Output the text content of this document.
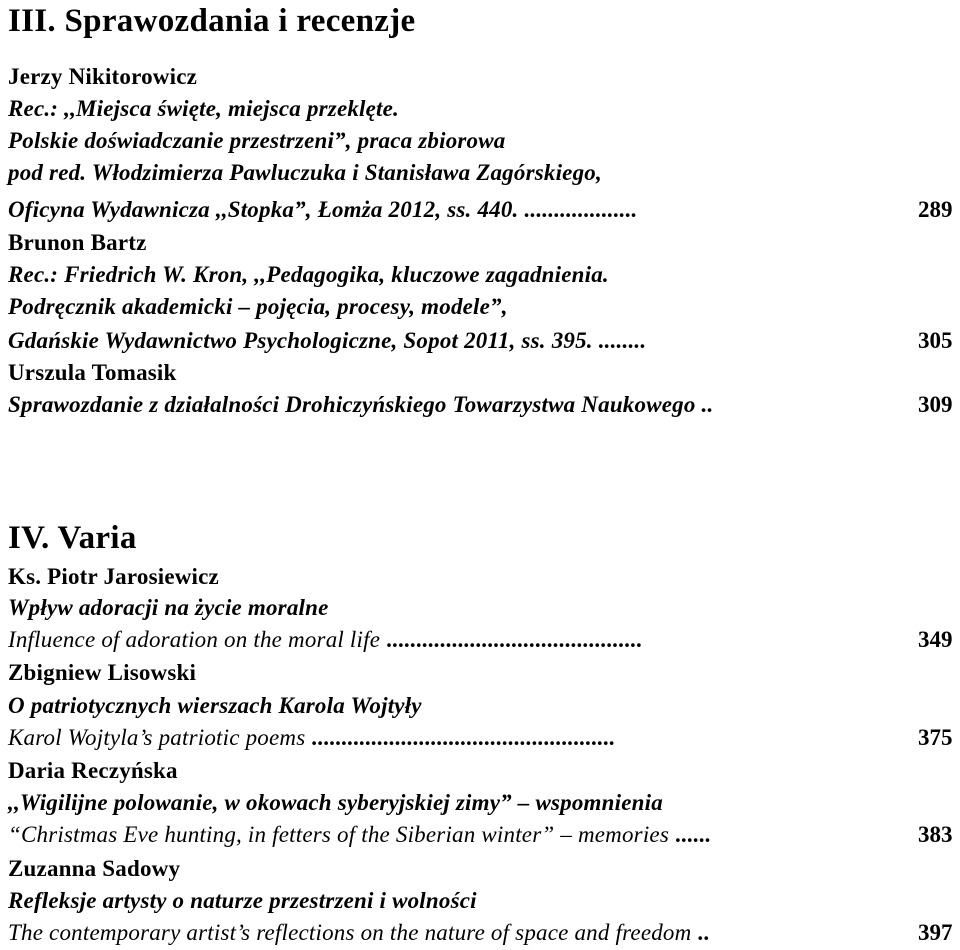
III. Sprawozdania i recenzje
Jerzy Nikitorowicz
Rec.: ,,Miejsca święte, miejsca przeklęte.
Polskie doświadczanie przestrzeni”, praca zbiorowa
pod red. Włodzimierza Pawluczuka i Stanisława Zagórskiego,
Oficyna Wydawnicza ,,Stopka”, Łomża 2012, ss. 440. ...................	289
Brunon Bartz
Rec.: Friedrich W. Kron, ,,Pedagogika, kluczowe zagadnienia.
Podręcznik akademicki – pojęcia, procesy, modele”,
Gdańskie Wydawnictwo Psychologiczne, Sopot 2011, ss. 395. ........	305
Urszula Tomasik
Sprawozdanie z działalności Drohiczyńskiego Towarzystwa Naukowego ..	309
IV. Varia
Ks. Piotr Jarosiewicz
Wpływ adoracji na życie moralne
Influence of adoration on the moral life ...........................................	349
Zbigniew Lisowski
O patriotycznych wierszach Karola Wojtyły
Karol Wojtyla’s patriotic poems ...................................................	375
Daria Reczyńska
,,Wigilijne polowanie, w okowach syberyjskiej zimy” – wspomnienia
“Christmas Eve hunting, in fetters of the Siberian winter” – memories ......	383
Zuzanna Sadowy
Refleksje artysty o naturze przestrzeni i wolności
The contemporary artist’s reflections on the nature of space and freedom ..	397
